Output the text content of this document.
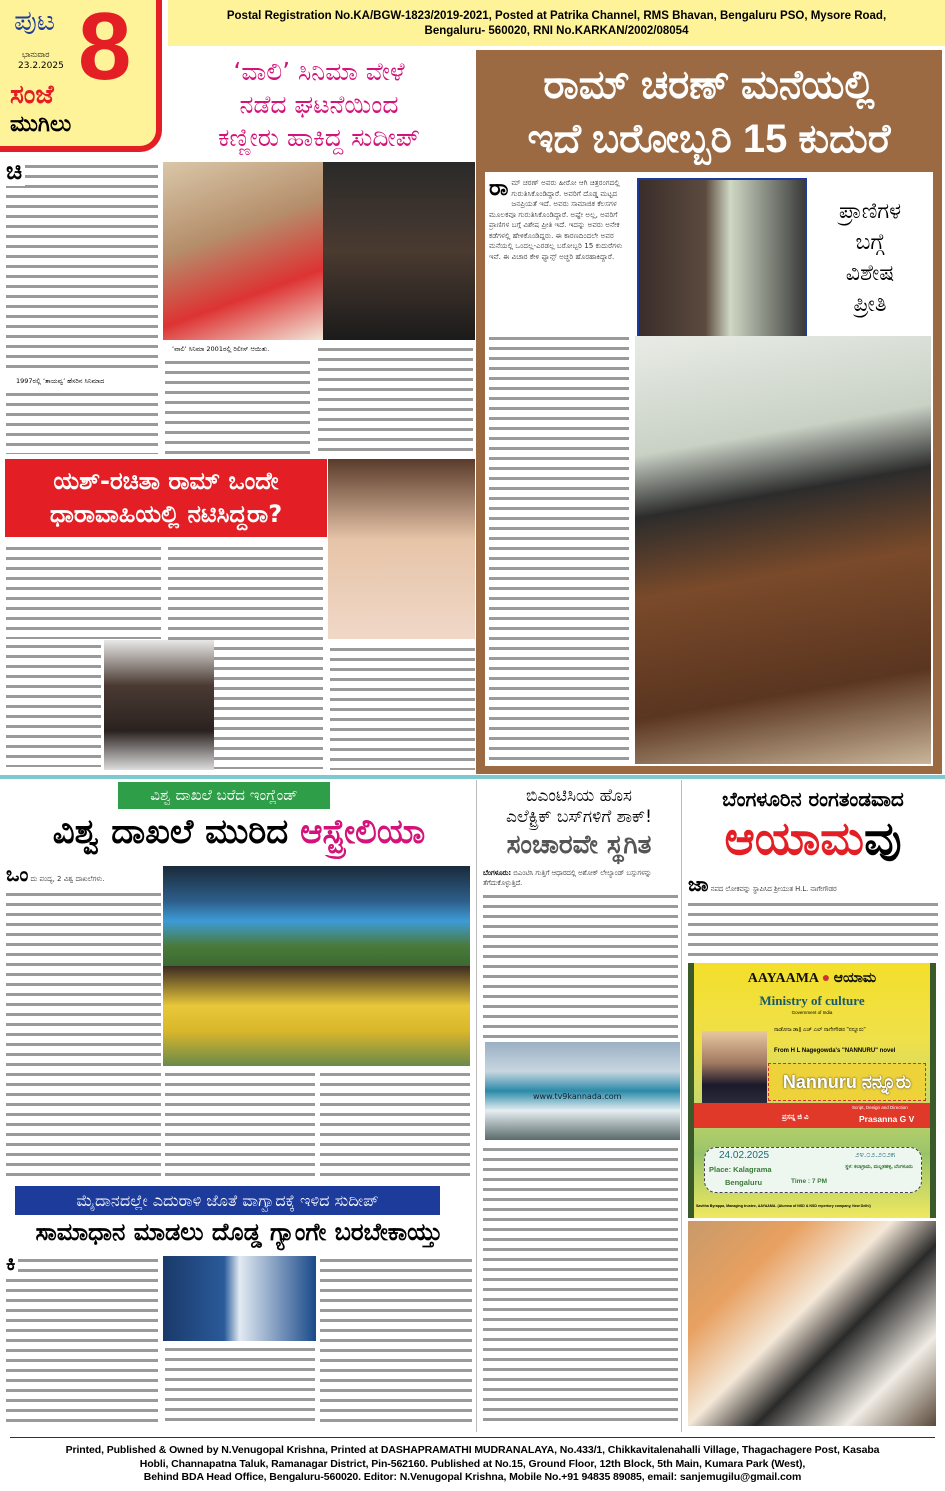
ಪುಟ 8
ಭಾನುವಾರ
23.2.2025
ಸಂಜೆ
ಮುಗಿಲು
Postal Registration No.KA/BGW-1823/2019-2021, Posted at Patrika Channel, RMS Bhavan, Bengaluru PSO, Mysore Road,
Bengaluru- 560020, RNI No.KARKAN/2002/08054
‘ವಾಲಿ’ ಸಿನಿಮಾ ವೇಳೆ
ನಡೆದ ಘಟನೆಯಿಂದ
ಕಣ್ಣೀರು ಹಾಕಿದ್ದ ಸುದೀಪ್
ಚಿ
1997ರಲ್ಲಿ ‘ತಾಯವ್ವ’ ಹೆಸರಿನ ಸಿನಿಮಾದ
‘ವಾಲಿ’ ಸಿನಿಮಾ 2001ರಲ್ಲಿ ರಿಲೀಸ್ ಆಯಿತು.
ರಾಮ್ ಚರಣ್ ಮನೆಯಲ್ಲಿ
ಇದೆ ಬರೋಬ್ಬರಿ 15 ಕುದುರೆ
ರಾ ಮ್ ಚರಣ್ ಅವರು ಹೀರೋ ಆಗಿ ಚಿತ್ರರಂಗದಲ್ಲಿ ಗುರುತಿಸಿಕೊಂಡಿದ್ದಾರೆ. ಅವರಿಗೆ ದೊಡ್ಡ ಮಟ್ಟದ ಜನಪ್ರಿಯತೆ ಇದೆ. ಅವರು ಸಾಮಾಜಿಕ ಕೆಲಸಗಳ ಮೂಲಕವೂ ಗುರುತಿಸಿಕೊಂಡಿದ್ದಾರೆ. ಅಷ್ಟೇ ಅಲ್ಲ, ಅವರಿಗೆ ಪ್ರಾಣಿಗಳ ಬಗ್ಗೆ ವಿಶೇಷ ಪ್ರೀತಿ ಇದೆ. ಇದನ್ನು ಅವರು ಅನೇಕ ಕಡೆಗಳಲ್ಲಿ ಹೇಳಿಕೊಂಡಿದ್ದರು. ಈ ಕಾರಣದಿಂದಲೇ ಅವರ ಮನೆಯಲ್ಲಿ ಒಂದಲ್ಲ-ಎರಡಲ್ಲ ಬರೋಬ್ಬರಿ 15 ಕುದುರೆಗಳು ಇವೆ. ಈ ವಿಚಾರ ಕೇಳಿ ಫ್ಯಾನ್ಸ್ ಅಚ್ಚರಿ ಹೊರಹಾಕಿದ್ದಾರೆ.
ಪ್ರಾಣಿಗಳ
ಬಗ್ಗೆ
ವಿಶೇಷ
ಪ್ರೀತಿ
ಯಶ್-ರಚಿತಾ ರಾಮ್ ಒಂದೇ
ಧಾರಾವಾಹಿಯಲ್ಲಿ ನಟಿಸಿದ್ದರಾ?
ವಿಶ್ವ ದಾಖಲೆ ಬರೆದ ಇಂಗ್ಲೆಂಡ್
ವಿಶ್ವ ದಾಖಲೆ ಮುರಿದ ಆಸ್ಟ್ರೇಲಿಯಾ
ಒಂ ದು ಪಂದ್ಯ, 2 ವಿಶ್ವ ದಾಖಲೆಗಳು.
ಮೈದಾನದಲ್ಲೇ ಎದುರಾಳಿ ಜೊತೆ ವಾಗ್ವಾದಕ್ಕೆ ಇಳಿದ ಸುದೀಪ್
ಸಾಮಾಧಾನ ಮಾಡಲು ದೊಡ್ಡ ಗ್ಯಾಂಗೇ ಬರಬೇಕಾಯ್ತು
ಕಿ
ಬಿಎಂಟಿಸಿಯ ಹೊಸ
ಎಲೆಕ್ಟ್ರಿಕ್ ಬಸ್‌ಗಳಿಗೆ ಶಾಕ್!
ಸಂಚಾರವೇ ಸ್ಥಗಿತ
ಬೆಂಗಳೂರು: ಬಿಎಂಟಿಸಿ ಗುತ್ತಿಗೆ ಆಧಾರದಲ್ಲಿ ಅಶೋಕ್ ಲೇಲ್ಯಾಂಡ್ ಬಸ್ಸುಗಳನ್ನು ತೆಗೆದುಕೊಳ್ಳುತ್ತಿದೆ.
www.tv9kannada.com
ಬೆಂಗಳೂರಿನ ರಂಗತಂಡವಾದ
ಆಯಾಮವು
ಜಾ ನಪದ ಲೋಕವನ್ನು ಸ್ಥಾಪಿಸಿದ ಶ್ರೀಯುತ H.L. ನಾಗೇಗೌಡರ
AAYAAMA ● ಆಯಾಮ
Ministry of culture
Government of India
ನಾಡೋಜ ಡಾ|| ಎಚ್ ಎಲ್ ನಾಗೇಗೌಡರ "ನನ್ನೂರು"
From H L Nagegowda's "NANNURU" novel
Nannuru ನನ್ನೂರು
ಪ್ರಸನ್ನ ಜಿ ವಿ
Script, Design and Direction
Prasanna G V
24.02.2025
Place: Kalagrama
Bengaluru	Time : 7 PM
೨೪.೦೨.೨೦೨೫
ಸ್ಥಳ: ಕಲಾಗ್ರಾಮ, ಮಲ್ಲತಹಳ್ಳಿ, ಬೆಂಗಳೂರು
Savitha Byrappa, Managing trustee, AAYAAMA. (Alumna of NSD & NSD repertory company, New Delhi)
Printed, Published & Owned by N.Venugopal Krishna, Printed at DASHAPRAMATHI MUDRANALAYA, No.433/1, Chikkavitalenahalli Village, Thagachagere Post, Kasaba
Hobli, Channapatna Taluk, Ramanagar District, Pin-562160. Published at No.15, Ground Floor, 12th Block, 5th Main, Kumara Park (West),
Behind BDA Head Office, Bengaluru-560020. Editor: N.Venugopal Krishna, Mobile No.+91 94835 89085, email: sanjemugilu@gmail.com
